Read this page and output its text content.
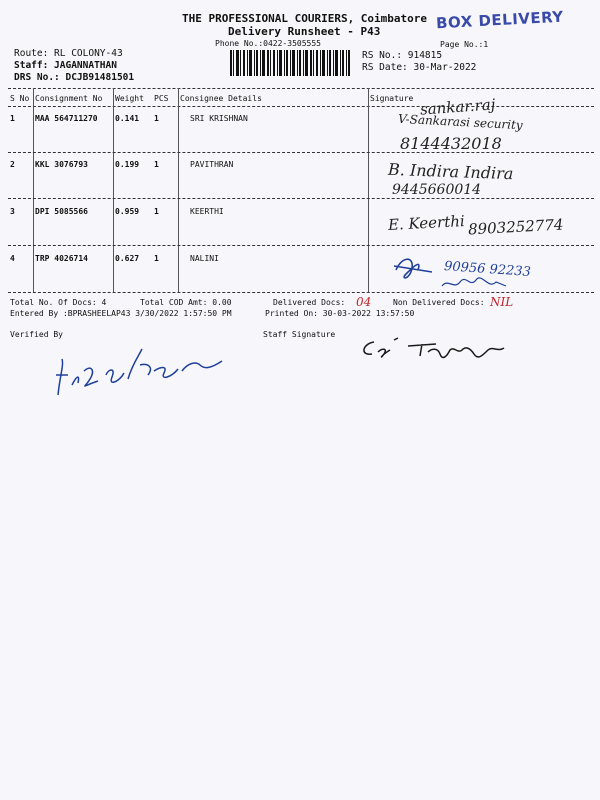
THE PROFESSIONAL COURIERS, Coimbatore
Delivery Runsheet - P43
Phone No.:0422-3505555
BOX DELIVERY
Page No.:1
Route: RL COLONY-43
Staff: JAGANNATHAN
DRS No.: DCJB91481501
RS No.: 914815
RS Date: 30-Mar-2022
S No Consignment No Weight PCS Consignee Details	Signature
1	MAA 564711270 0.141 1	SRI KRISHNAN	sankar.raj
V-Sankarasi security
8144432018
2	KKL 3076793	0.199 1	PAVITHRAN	B. Indira Indira
9445660014
3	DPI 5085566	0.959 1	KEERTHI
E. Keerthi 8903252774
4	TRP 4026714	0.627 1	NALINI
90956 92233
Total No. Of Docs: 4	Total COD Amt: 0.00	Delivered Docs: 04	Non Delivered Docs: NIL
Entered By :BPRASHEELAP43 3/30/2022 1:57:50 PM	Printed On: 30-03-2022 13:57:50
Verified By	Staff Signature
